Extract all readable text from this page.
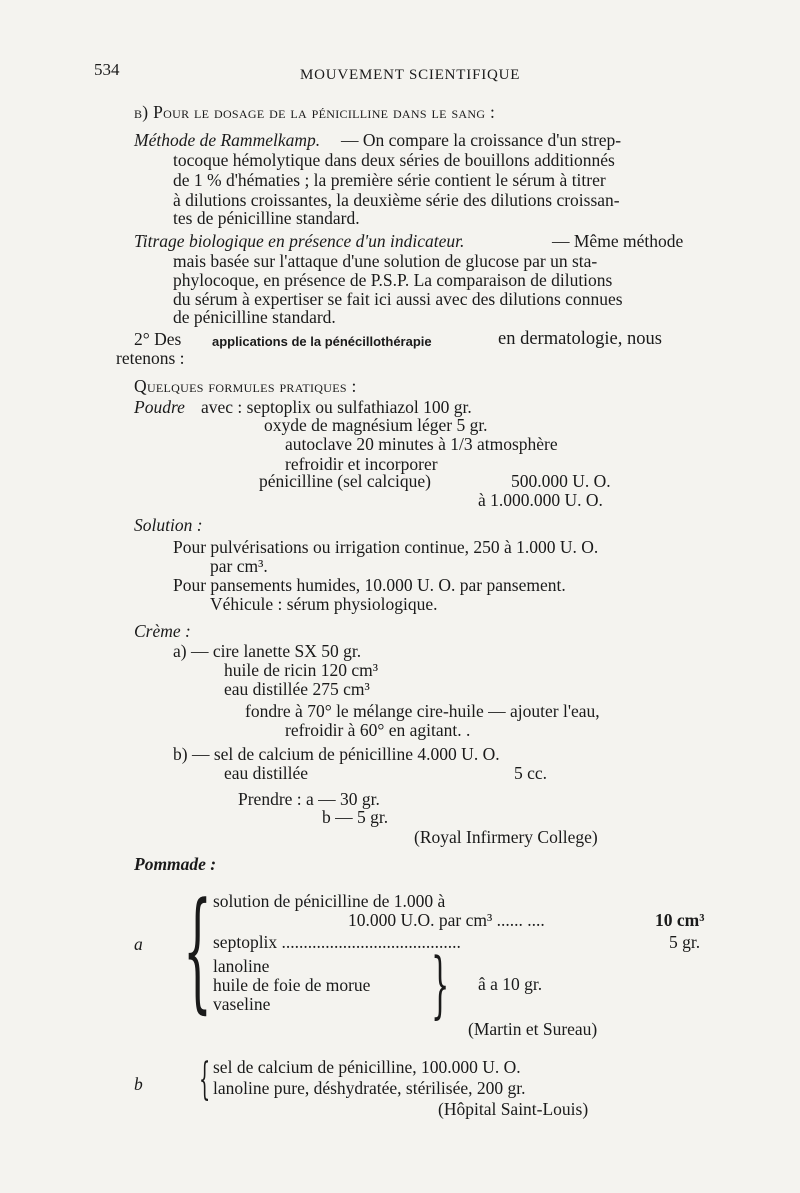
534	MOUVEMENT SCIENTIFIQUE
b) Pour le dosage de la pénicilline dans le sang :
Méthode de Rammelkamp. — On compare la croissance d'un strep-
tocoque hémolytique dans deux séries de bouillons additionnés
de 1 % d'hématies ; la première série contient le sérum à titrer
à dilutions croissantes, la deuxième série des dilutions croissan-
tes de pénicilline standard.
Titrage biologique en présence d'un indicateur.	— Même méthode
mais basée sur l'attaque d'une solution de glucose par un sta-
phylocoque, en présence de P.S.P. La comparaison de dilutions
du sérum à expertiser se fait ici aussi avec des dilutions connues
de pénicilline standard.
2° Des applications de la pénécillothérapie	en dermatologie, nous
retenons :
Quelques formules pratiques :
Poudre avec : septoplix ou sulfathiazol 100 gr.
oxyde de magnésium léger 5 gr.
autoclave 20 minutes à 1/3 atmosphère
refroidir et incorporer
pénicilline (sel calcique)	500.000 U. O.
à 1.000.000 U. O.
Solution :
Pour pulvérisations ou irrigation continue, 250 à 1.000 U. O.
par cm³.
Pour pansements humides, 10.000 U. O. par pansement.
Véhicule : sérum physiologique.
Crème :
a) — cire lanette SX 50 gr.
huile de ricin 120 cm³
eau distillée 275 cm³
fondre à 70° le mélange cire-huile — ajouter l'eau,
refroidir à 60° en agitant. .
b) — sel de calcium de pénicilline 4.000 U. O.
eau distillée	5 cc.
Prendre : a — 30 gr.
b — 5 gr.
(Royal Infirmery College)
Pommade :
{
a
solution de pénicilline de 1.000 à
10.000 U.O. par cm³ ...... ....	10 cm³
septoplix .........................................	5 gr.
lanoline
huile de foie de morue
vaseline } â a 10 gr.
(Martin et Sureau)
b { sel de calcium de pénicilline, 100.000 U. O.
lanoline pure, déshydratée, stérilisée, 200 gr.
(Hôpital Saint-Louis)
